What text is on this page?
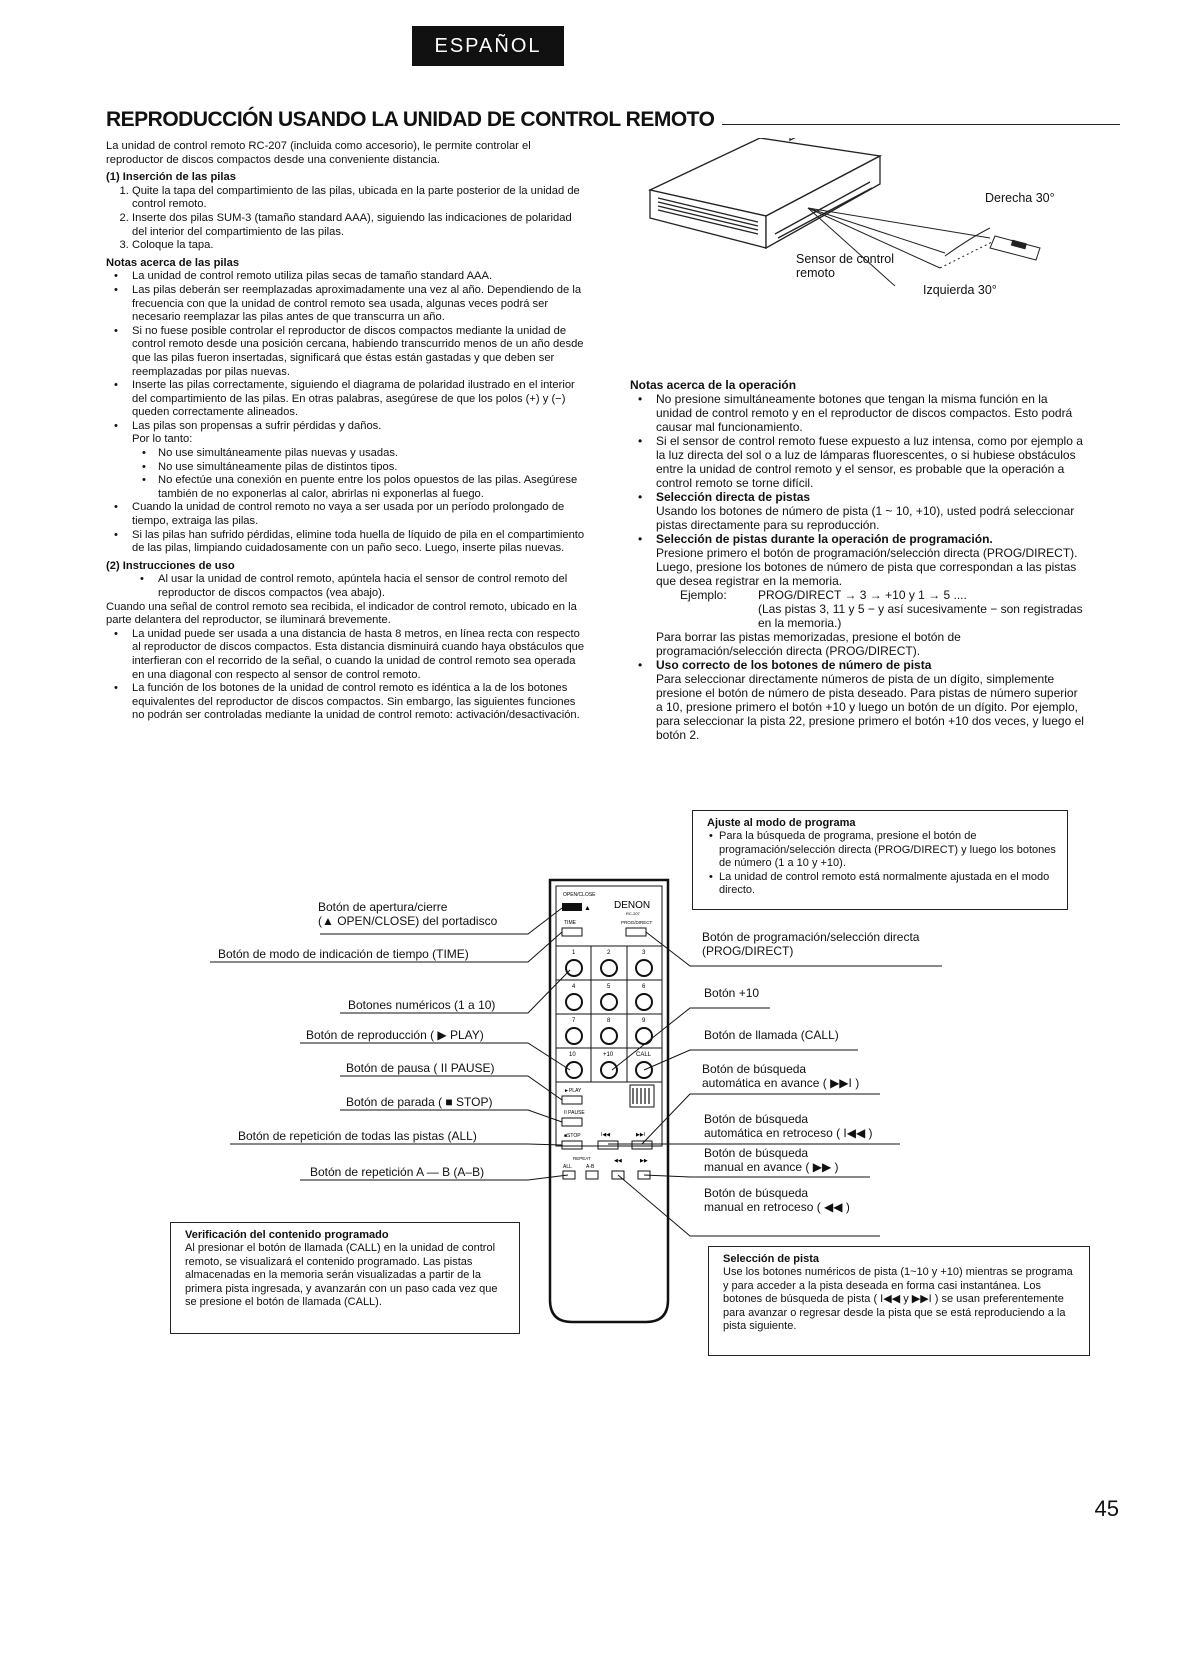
ESPAÑOL
REPRODUCCIÓN USANDO LA UNIDAD DE CONTROL REMOTO

La unidad de control remoto RC-207 (incluida como accesorio), le permite controlar el reproductor de discos compactos desde una conveniente distancia.

(1) Inserción de las pilas

1. Quite la tapa del compartimiento de las pilas, ubicada en la parte posterior de la unidad de control remoto.
2. Inserte dos pilas SUM-3 (tamaño standard AAA), siguiendo las indicaciones de polaridad del interior del compartimiento de las pilas.
3. Coloque la tapa.

Notas acerca de las pilas

• La unidad de control remoto utiliza pilas secas de tamaño standard AAA.
• Las pilas deberán ser reemplazadas aproximadamente una vez al año. Dependiendo de la frecuencia con que la unidad de control remoto sea usada, algunas veces podrá ser necesario reemplazar las pilas antes de que transcurra un año.
• Si no fuese posible controlar el reproductor de discos compactos mediante la unidad de control remoto desde una posición cercana, habiendo transcurrido menos de un año desde que las pilas fueron insertadas, significará que éstas están gastadas y que deben ser reemplazadas por pilas nuevas.
• Inserte las pilas correctamente, siguiendo el diagrama de polaridad ilustrado en el interior del compartimiento de las pilas. En otras palabras, asegúrese de que los polos (+) y (−) queden correctamente alineados.
• Las pilas son propensas a sufrir pérdidas y daños.
Por lo tanto:
• No use simultáneamente pilas nuevas y usadas.
• No use simultáneamente pilas de distintos tipos.
• No efectúe una conexión en puente entre los polos opuestos de las pilas. Asegúrese también de no exponerlas al calor, abrirlas ni exponerlas al fuego.
• Cuando la unidad de control remoto no vaya a ser usada por un período prolongado de tiempo, extraiga las pilas.
• Si las pilas han sufrido pérdidas, elimine toda huella de líquido de pila en el compartimiento de las pilas, limpiando cuidadosamente con un paño seco. Luego, inserte pilas nuevas.

(2) Instrucciones de uso

• Al usar la unidad de control remoto, apúntela hacia el sensor de control remoto del reproductor de discos compactos (vea abajo).

Cuando una señal de control remoto sea recibida, el indicador de control remoto, ubicado en la parte delantera del reproductor, se iluminará brevemente.

• La unidad puede ser usada a una distancia de hasta 8 metros, en línea recta con respecto al reproductor de discos compactos. Esta distancia disminuirá cuando haya obstáculos que interfieran con el recorrido de la señal, o cuando la unidad de control remoto sea operada en una diagonal con respecto al sensor de control remoto.
• La función de los botones de la unidad de control remoto es idéntica a la de los botones equivalentes del reproductor de discos compactos. Sin embargo, las siguientes funciones no podrán ser controladas mediante la unidad de control remoto: activación/desactivación.
Derecha 30°
Izquierda 30°
Sensor de control remoto

Notas acerca de la operación

• No presione simultáneamente botones que tengan la misma función en la unidad de control remoto y en el reproductor de discos compactos. Esto podrá causar mal funcionamiento.
• Si el sensor de control remoto fuese expuesto a luz intensa, como por ejemplo a la luz directa del sol o a luz de lámparas fluorescentes, o si hubiese obstáculos entre la unidad de control remoto y el sensor, es probable que la operación a control remoto se torne difícil.
• Selección directa de pistas
Usando los botones de número de pista (1 ~ 10, +10), usted podrá seleccionar pistas directamente para su reproducción.
• Selección de pistas durante la operación de programación.
Presione primero el botón de programación/selección directa (PROG/DIRECT). Luego, presione los botones de número de pista que correspondan a las pistas que desea registrar en la memoria.
Ejemplo:	PROG/DIRECT → 3 → +10 y 1 → 5 ....
(Las pistas 3, 11 y 5 − y así sucesivamente − son registradas en la memoria.)
Para borrar las pistas memorizadas, presione el botón de programación/selección directa (PROG/DIRECT).
• Uso correcto de los botones de número de pista
Para seleccionar directamente números de pista de un dígito, simplemente presione el botón de número de pista deseado. Para pistas de número superior a 10, presione primero el botón +10 y luego un botón de un dígito. Por ejemplo, para seleccionar la pista 22, presione primero el botón +10 dos veces, y luego el botón 2.
Ajuste al modo de programa
• Para la búsqueda de programa, presione el botón de programación/selección directa (PROG/DIRECT) y luego los botones de número (1 a 10 y +10).
• La unidad de control remoto está normalmente ajustada en el modo directo.
OPEN/CLOSE
▲ DENON
RC-207
TIME	PROG/DIRECT
1	2	3
4	5	6
7	8	9
10	+10	CALL
►PLAY
II PAUSE
■STOP	I◀◀	▶▶I
REPEAT
ALL	A-B
◀◀	▶▶
Botón de apertura/cierre
(▲ OPEN/CLOSE) del portadisco
Botón de modo de indicación de tiempo (TIME)
Botones numéricos (1 a 10)
Botón de reproducción ( ▶ PLAY)
Botón de pausa ( II PAUSE)
Botón de parada ( ■ STOP)
Botón de repetición de todas las pistas (ALL)
Botón de repetición A — B (A–B)
Botón de programación/selección directa
(PROG/DIRECT)
Botón +10
Botón de llamada (CALL)
Botón de búsqueda
automática en avance ( ▶▶I )
Botón de búsqueda
automática en retroceso ( I◀◀ )
Botón de búsqueda
manual en avance ( ▶▶ )
Botón de búsqueda
manual en retroceso ( ◀◀ )
Verificación del contenido programado
Al presionar el botón de llamada (CALL) en la unidad de control remoto, se visualizará el contenido programado. Las pistas almacenadas en la memoria serán visualizadas a partir de la primera pista ingresada, y avanzarán con un paso cada vez que se presione el botón de llamada (CALL).
Selección de pista
Use los botones numéricos de pista (1~10 y +10) mientras se programa y para acceder a la pista deseada en forma casi instantánea. Los botones de búsqueda de pista ( I◀◀ y ▶▶I ) se usan preferentemente para avanzar o regresar desde la pista que se está reproduciendo a la pista siguiente.
45
